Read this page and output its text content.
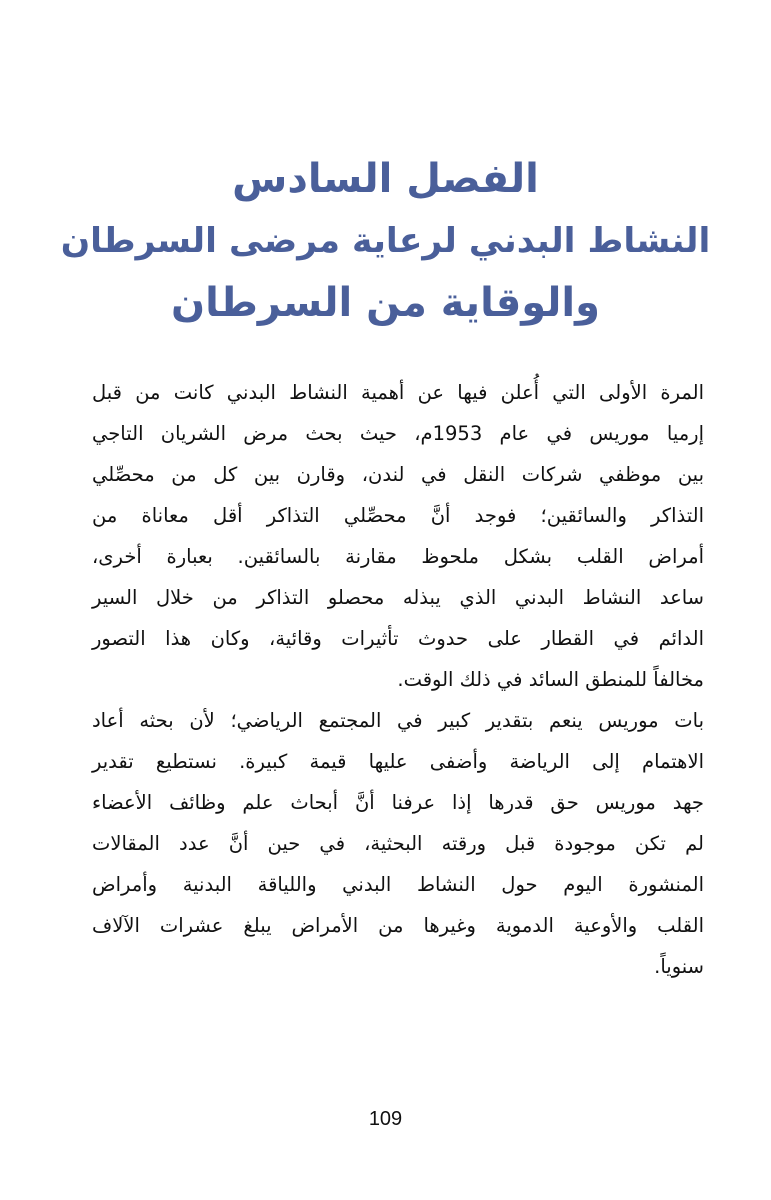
الفصل السادس
النشاط البدني لرعاية مرضى السرطان
والوقاية من السرطان
المرة الأولى التي أُعلن فيها عن أهمية النشاط البدني كانت من قبل
إرميا موريس في عام 1953م، حيث بحث مرض الشريان التاجي
بين موظفي شركات النقل في لندن، وقارن بين كل من محصِّلي
التذاكر والسائقين؛ فوجد أنَّ محصِّلي التذاكر أقل معاناة من
أمراض القلب بشكل ملحوظ مقارنة بالسائقين. بعبارة أخرى،
ساعد النشاط البدني الذي يبذله محصلو التذاكر من خلال السير
الدائم في القطار على حدوث تأثيرات وقائية، وكان هذا التصور
مخالفاً للمنطق السائد في ذلك الوقت.
بات موريس ينعم بتقدير كبير في المجتمع الرياضي؛ لأن بحثه أعاد
الاهتمام إلى الرياضة وأضفى عليها قيمة كبيرة. نستطيع تقدير
جهد موريس حق قدرها إذا عرفنا أنَّ أبحاث علم وظائف الأعضاء
لم تكن موجودة قبل ورقته البحثية، في حين أنَّ عدد المقالات
المنشورة اليوم حول النشاط البدني واللياقة البدنية وأمراض
القلب والأوعية الدموية وغيرها من الأمراض يبلغ عشرات الآلاف
سنوياً.
109
